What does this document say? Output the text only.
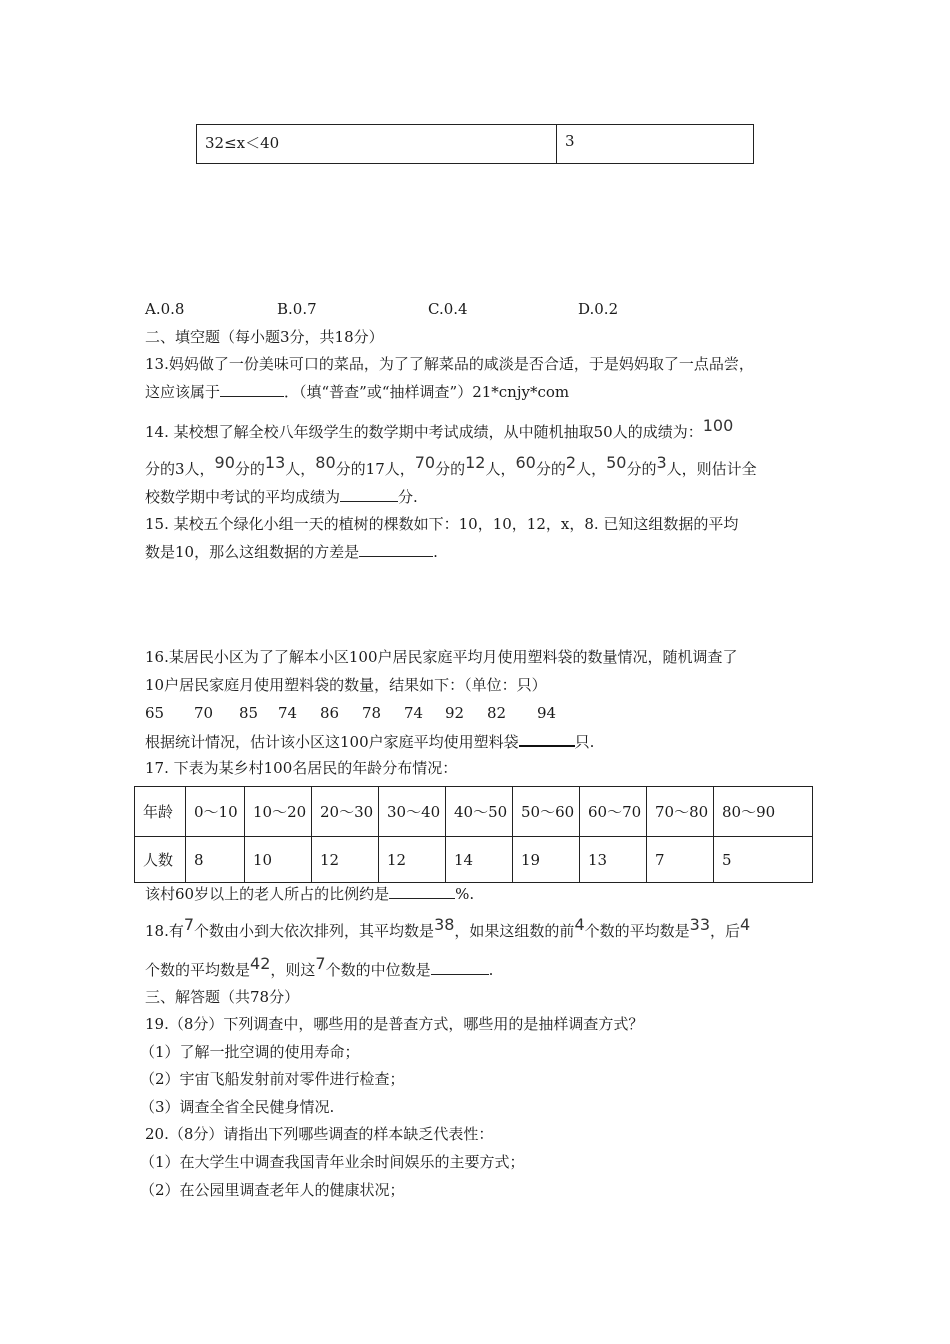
32≤x＜40	3
A.0.8	B.0.7	C.0.4	D.0.2
二、填空题（每小题3分，共18分）
13.妈妈做了一份美味可口的菜品，为了了解菜品的咸淡是否合适，于是妈妈取了一点品尝，
这应该属于	．（填“普查”或“抽样调查”）21*cnjy*com
14. 某校想了解全校八年级学生的数学期中考试成绩，从中随机抽取50人的成绩为：100
分的3人，90分的13人，80分的17人，70分的12人，60分的2人，50分的3人，则估计全
校数学期中考试的平均成绩为	分.
15. 某校五个绿化小组一天的植树的棵数如下：10，10，12，x，8. 已知这组数据的平均
数是10，那么这组数据的方差是	.
16.某居民小区为了了解本小区100户居民家庭平均月使用塑料袋的数量情况，随机调查了
10户居民家庭月使用塑料袋的数量，结果如下：（单位：只）
65 70 85 74 86 78 74 92 82 94
根据统计情况，估计该小区这100户家庭平均使用塑料袋	只.
17. 下表为某乡村100名居民的年龄分布情况：
年龄	0～10	10～20	20～30	30～40	40～50	50～60	60～70	70～80	80～90
人数	8	10	12	12	14	19	13	7	5
该村60岁以上的老人所占的比例约是	%.
18.有7个数由小到大依次排列，其平均数是38，如果这组数的前4个数的平均数是33，后4
个数的平均数是42，则这7个数的中位数是	.
三、解答题（共78分）
19.（8分）下列调查中，哪些用的是普查方式，哪些用的是抽样调查方式？
（1）了解一批空调的使用寿命；
（2）宇宙飞船发射前对零件进行检查；
（3）调查全省全民健身情况.
20.（8分）请指出下列哪些调查的样本缺乏代表性：
（1）在大学生中调查我国青年业余时间娱乐的主要方式；
（2）在公园里调查老年人的健康状况；
